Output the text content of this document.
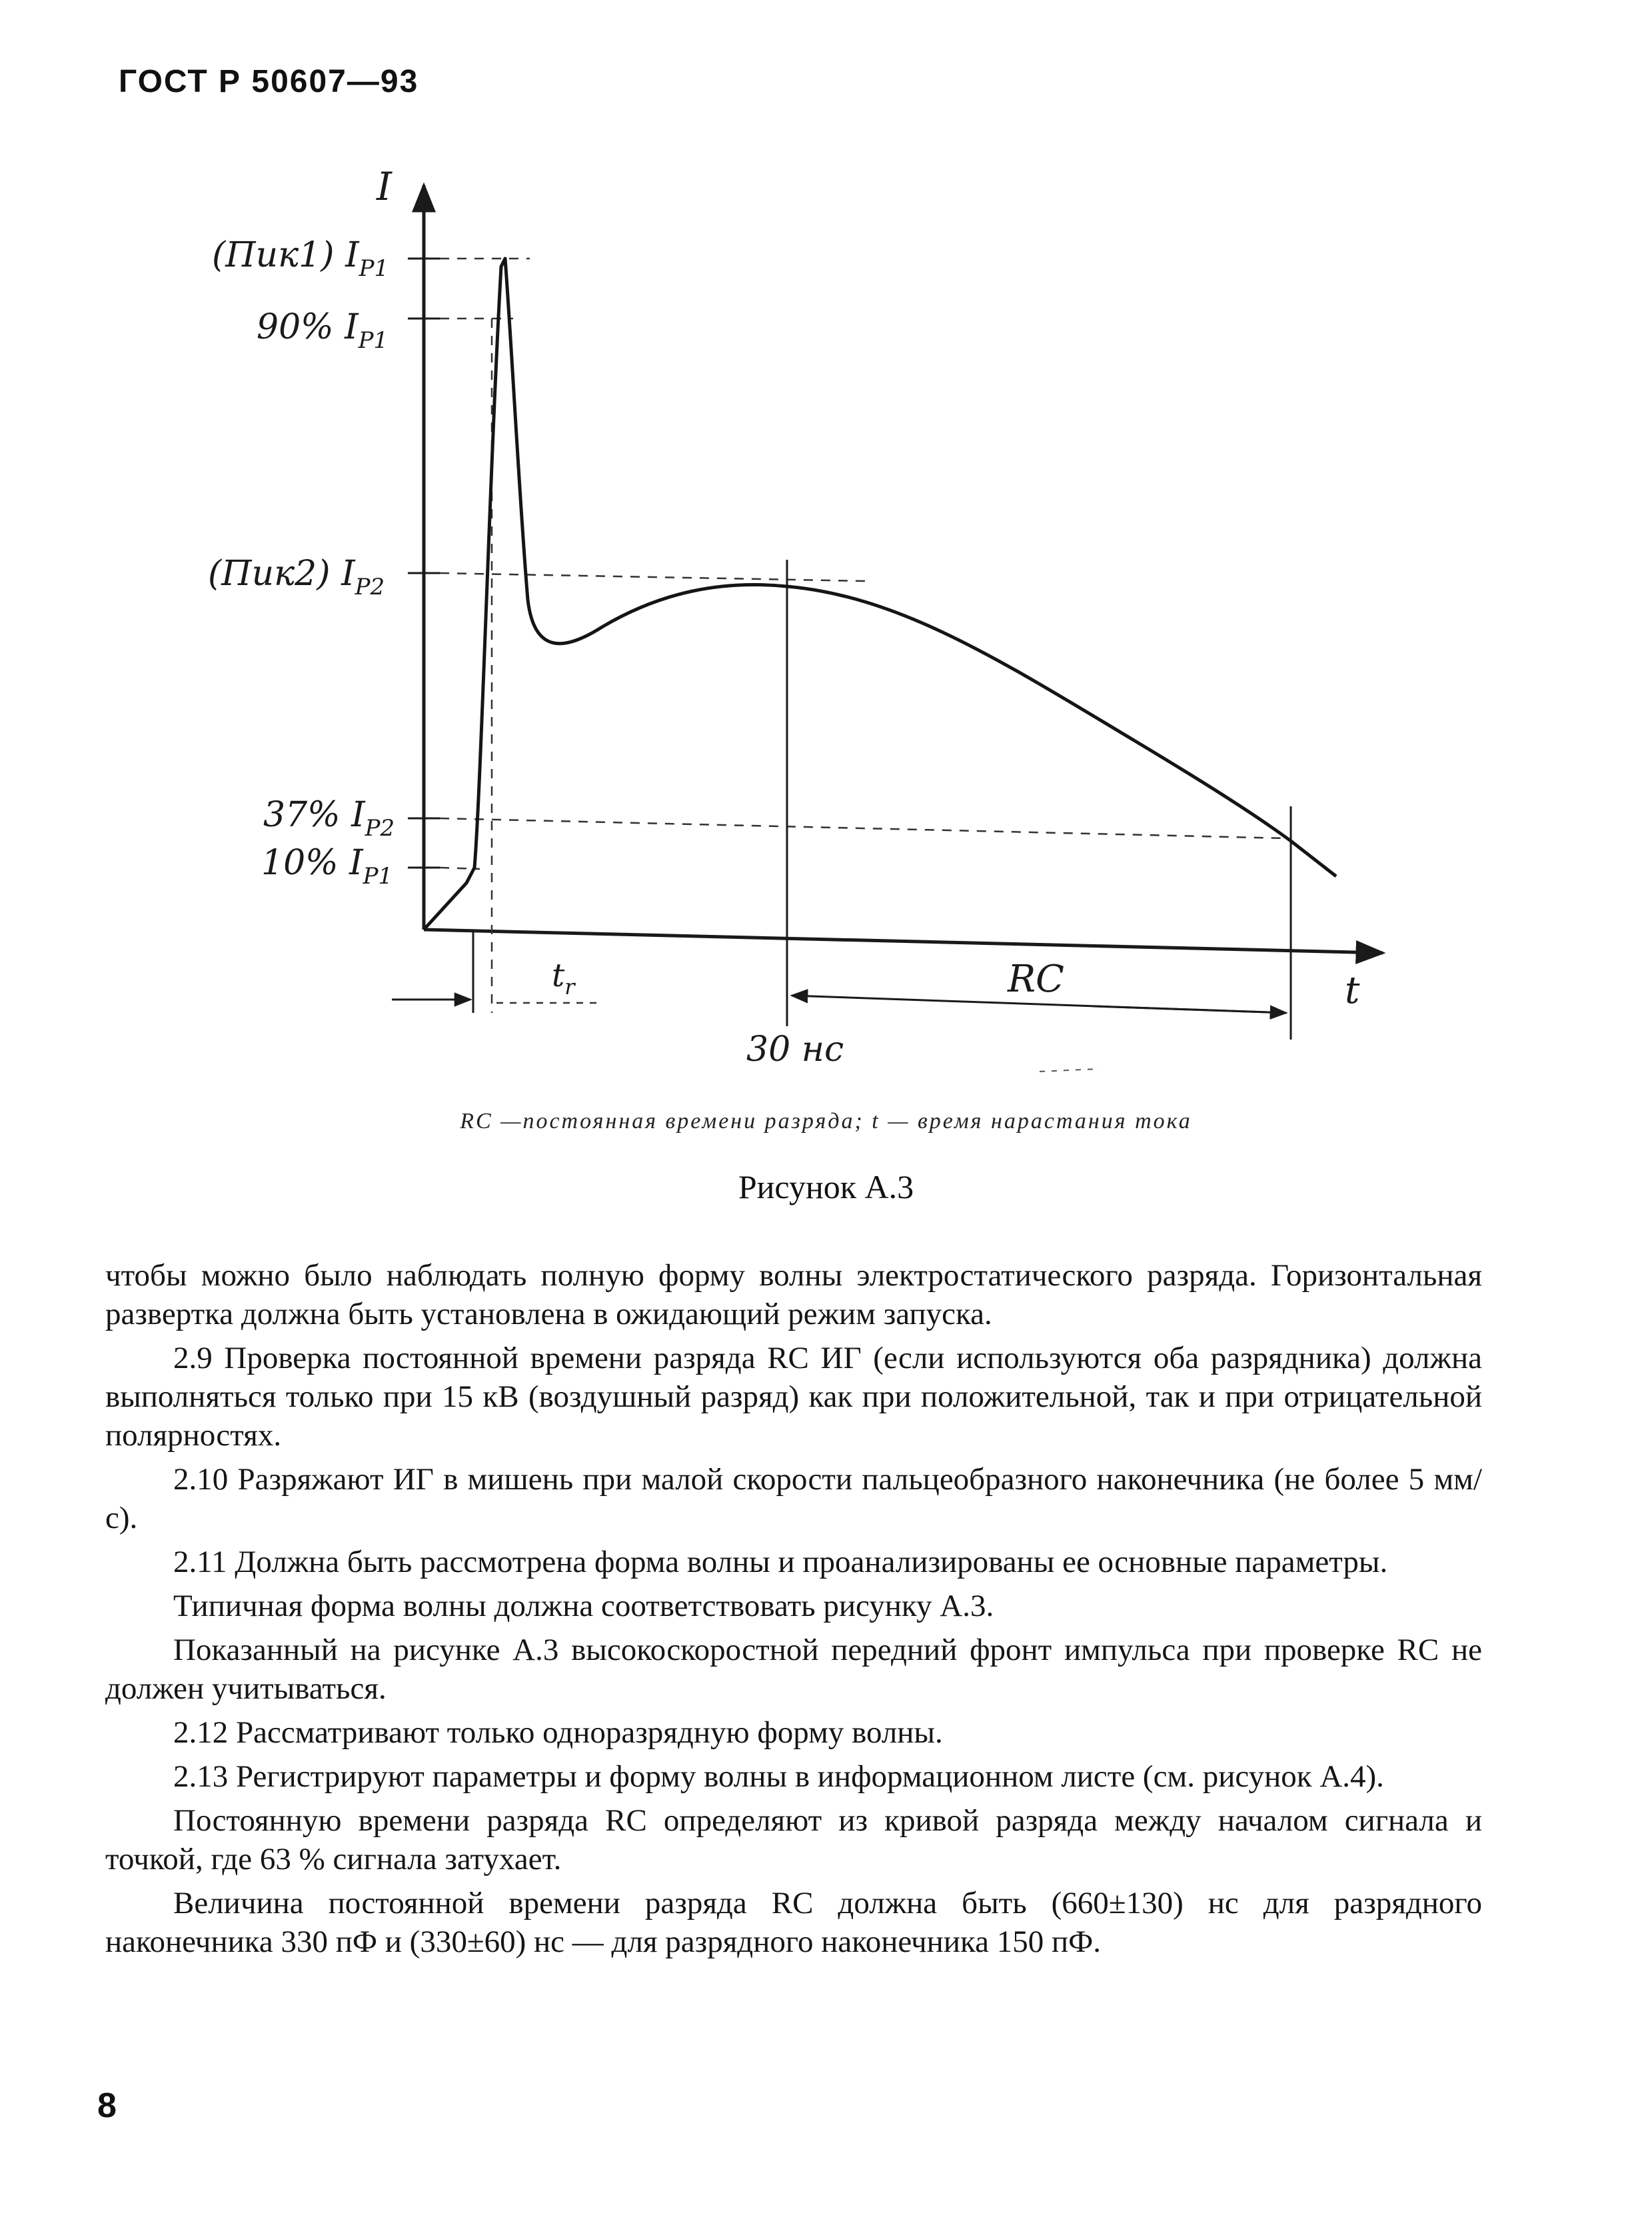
ГОСТ Р 50607—93
I
t
(Пик1) $I_{P1}$
90% $I_{P1}$
(Пик2) $I_{P2}$
37% $I_{P2}$
10% $I_{P1}$
$t_r$	RC
30 нс
RC —постоянная времени разряда; t — время нарастания тока
Рисунок А.3

чтобы можно было наблюдать полную форму волны электростатического разряда. Горизонтальная развертка должна быть установлена в ожидающий режим запуска.

2.9 Проверка постоянной времени разряда RC ИГ (если используются оба разрядника) должна выполняться только при 15 кВ (воздушный разряд) как при положительной, так и при отрицательной полярностях.

2.10 Разряжают ИГ в мишень при малой скорости пальцеобразного наконечника (не более 5 мм/с).

2.11 Должна быть рассмотрена форма волны и проанализированы ее основные параметры.

Типичная форма волны должна соответствовать рисунку А.3.

Показанный на рисунке А.3 высокоскоростной передний фронт импульса при проверке RC не должен учитываться.

2.12 Рассматривают только одноразрядную форму волны.

2.13 Регистрируют параметры и форму волны в информационном листе (см. рисунок А.4).

Постоянную времени разряда RC определяют из кривой разряда между началом сигнала и точкой, где 63 % сигнала затухает.

Величина постоянной времени разряда RC должна быть (660±130) нс для разрядного наконечника 330 пФ и (330±60) нс — для разрядного наконечника 150 пФ.

8
